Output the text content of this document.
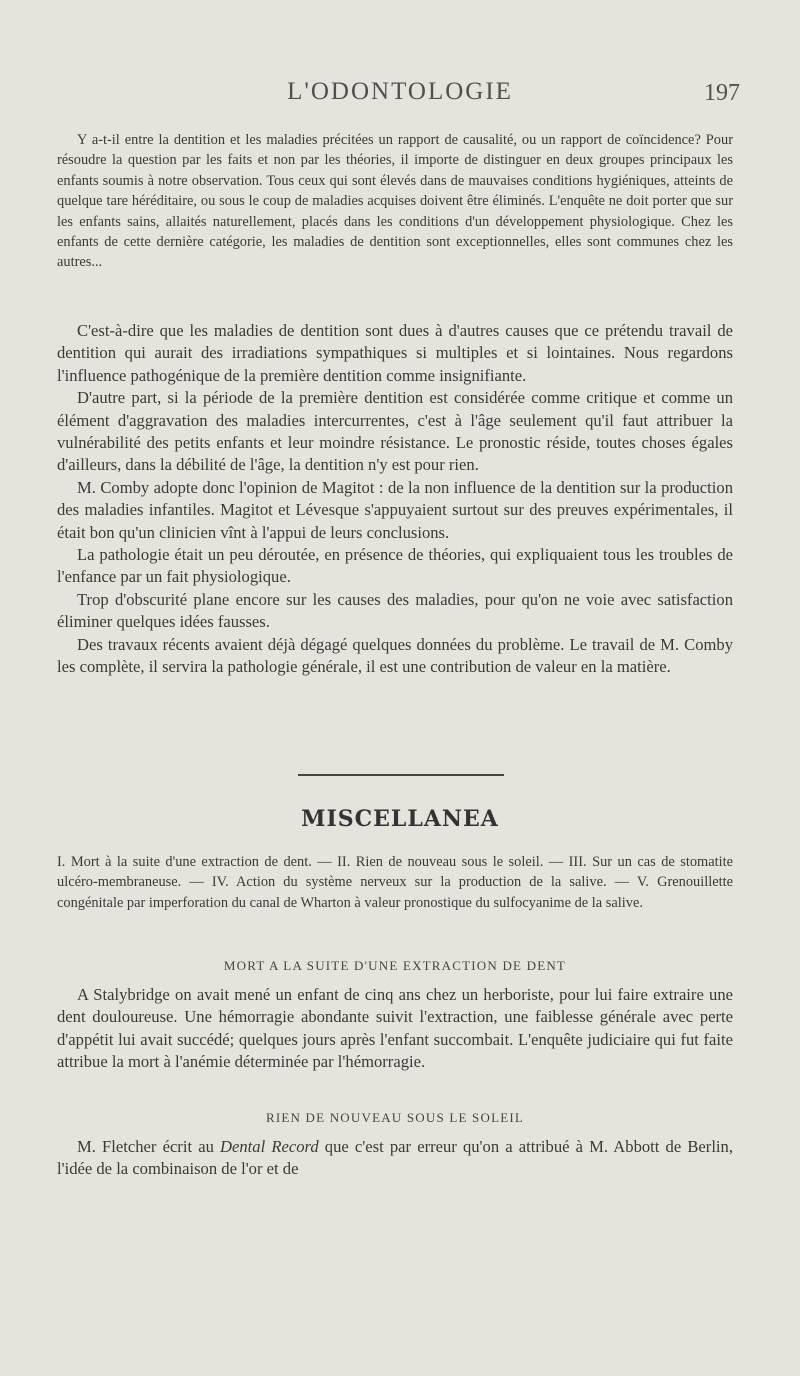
L'ODONTOLOGIE	197

Y a-t-il entre la dentition et les maladies précitées un rapport de causalité, ou un rapport de coïncidence? Pour résoudre la question par les faits et non par les théories, il importe de distinguer en deux groupes principaux les enfants soumis à notre observation. Tous ceux qui sont élevés dans de mauvaises conditions hygiéniques, atteints de quelque tare héréditaire, ou sous le coup de maladies acquises doivent être éliminés. L'enquête ne doit porter que sur les enfants sains, allaités naturellement, placés dans les conditions d'un développement physiologique. Chez les enfants de cette dernière catégorie, les maladies de dentition sont exceptionnelles, elles sont communes chez les autres...

C'est-à-dire que les maladies de dentition sont dues à d'autres causes que ce prétendu travail de dentition qui aurait des irradiations sympathiques si multiples et si lointaines. Nous regardons l'influence pathogénique de la première dentition comme insignifiante.

D'autre part, si la période de la première dentition est considérée comme critique et comme un élément d'aggravation des maladies intercurrentes, c'est à l'âge seulement qu'il faut attribuer la vulnérabilité des petits enfants et leur moindre résistance. Le pronostic réside, toutes choses égales d'ailleurs, dans la débilité de l'âge, la dentition n'y est pour rien.

M. Comby adopte donc l'opinion de Magitot : de la non influence de la dentition sur la production des maladies infantiles. Magitot et Lévesque s'appuyaient surtout sur des preuves expérimentales, il était bon qu'un clinicien vînt à l'appui de leurs conclusions.

La pathologie était un peu déroutée, en présence de théories, qui expliquaient tous les troubles de l'enfance par un fait physiologique.

Trop d'obscurité plane encore sur les causes des maladies, pour qu'on ne voie avec satisfaction éliminer quelques idées fausses.

Des travaux récents avaient déjà dégagé quelques données du problème. Le travail de M. Comby les complète, il servira la pathologie générale, il est une contribution de valeur en la matière.

MISCELLANEA

I. Mort à la suite d'une extraction de dent. — II. Rien de nouveau sous le soleil. — III. Sur un cas de stomatite ulcéro-membraneuse. — IV. Action du système nerveux sur la production de la salive. — V. Grenouillette congénitale par imperforation du canal de Wharton à valeur pronostique du sulfocyanime de la salive.

MORT A LA SUITE D'UNE EXTRACTION DE DENT

A Stalybridge on avait mené un enfant de cinq ans chez un herboriste, pour lui faire extraire une dent douloureuse. Une hémorragie abondante suivit l'extraction, une faiblesse générale avec perte d'appétit lui avait succédé; quelques jours après l'enfant succombait. L'enquête judiciaire qui fut faite attribue la mort à l'anémie déterminée par l'hémorragie.

RIEN DE NOUVEAU SOUS LE SOLEIL

M. Fletcher écrit au Dental Record que c'est par erreur qu'on a attribué à M. Abbott de Berlin, l'idée de la combinaison de l'or et de
